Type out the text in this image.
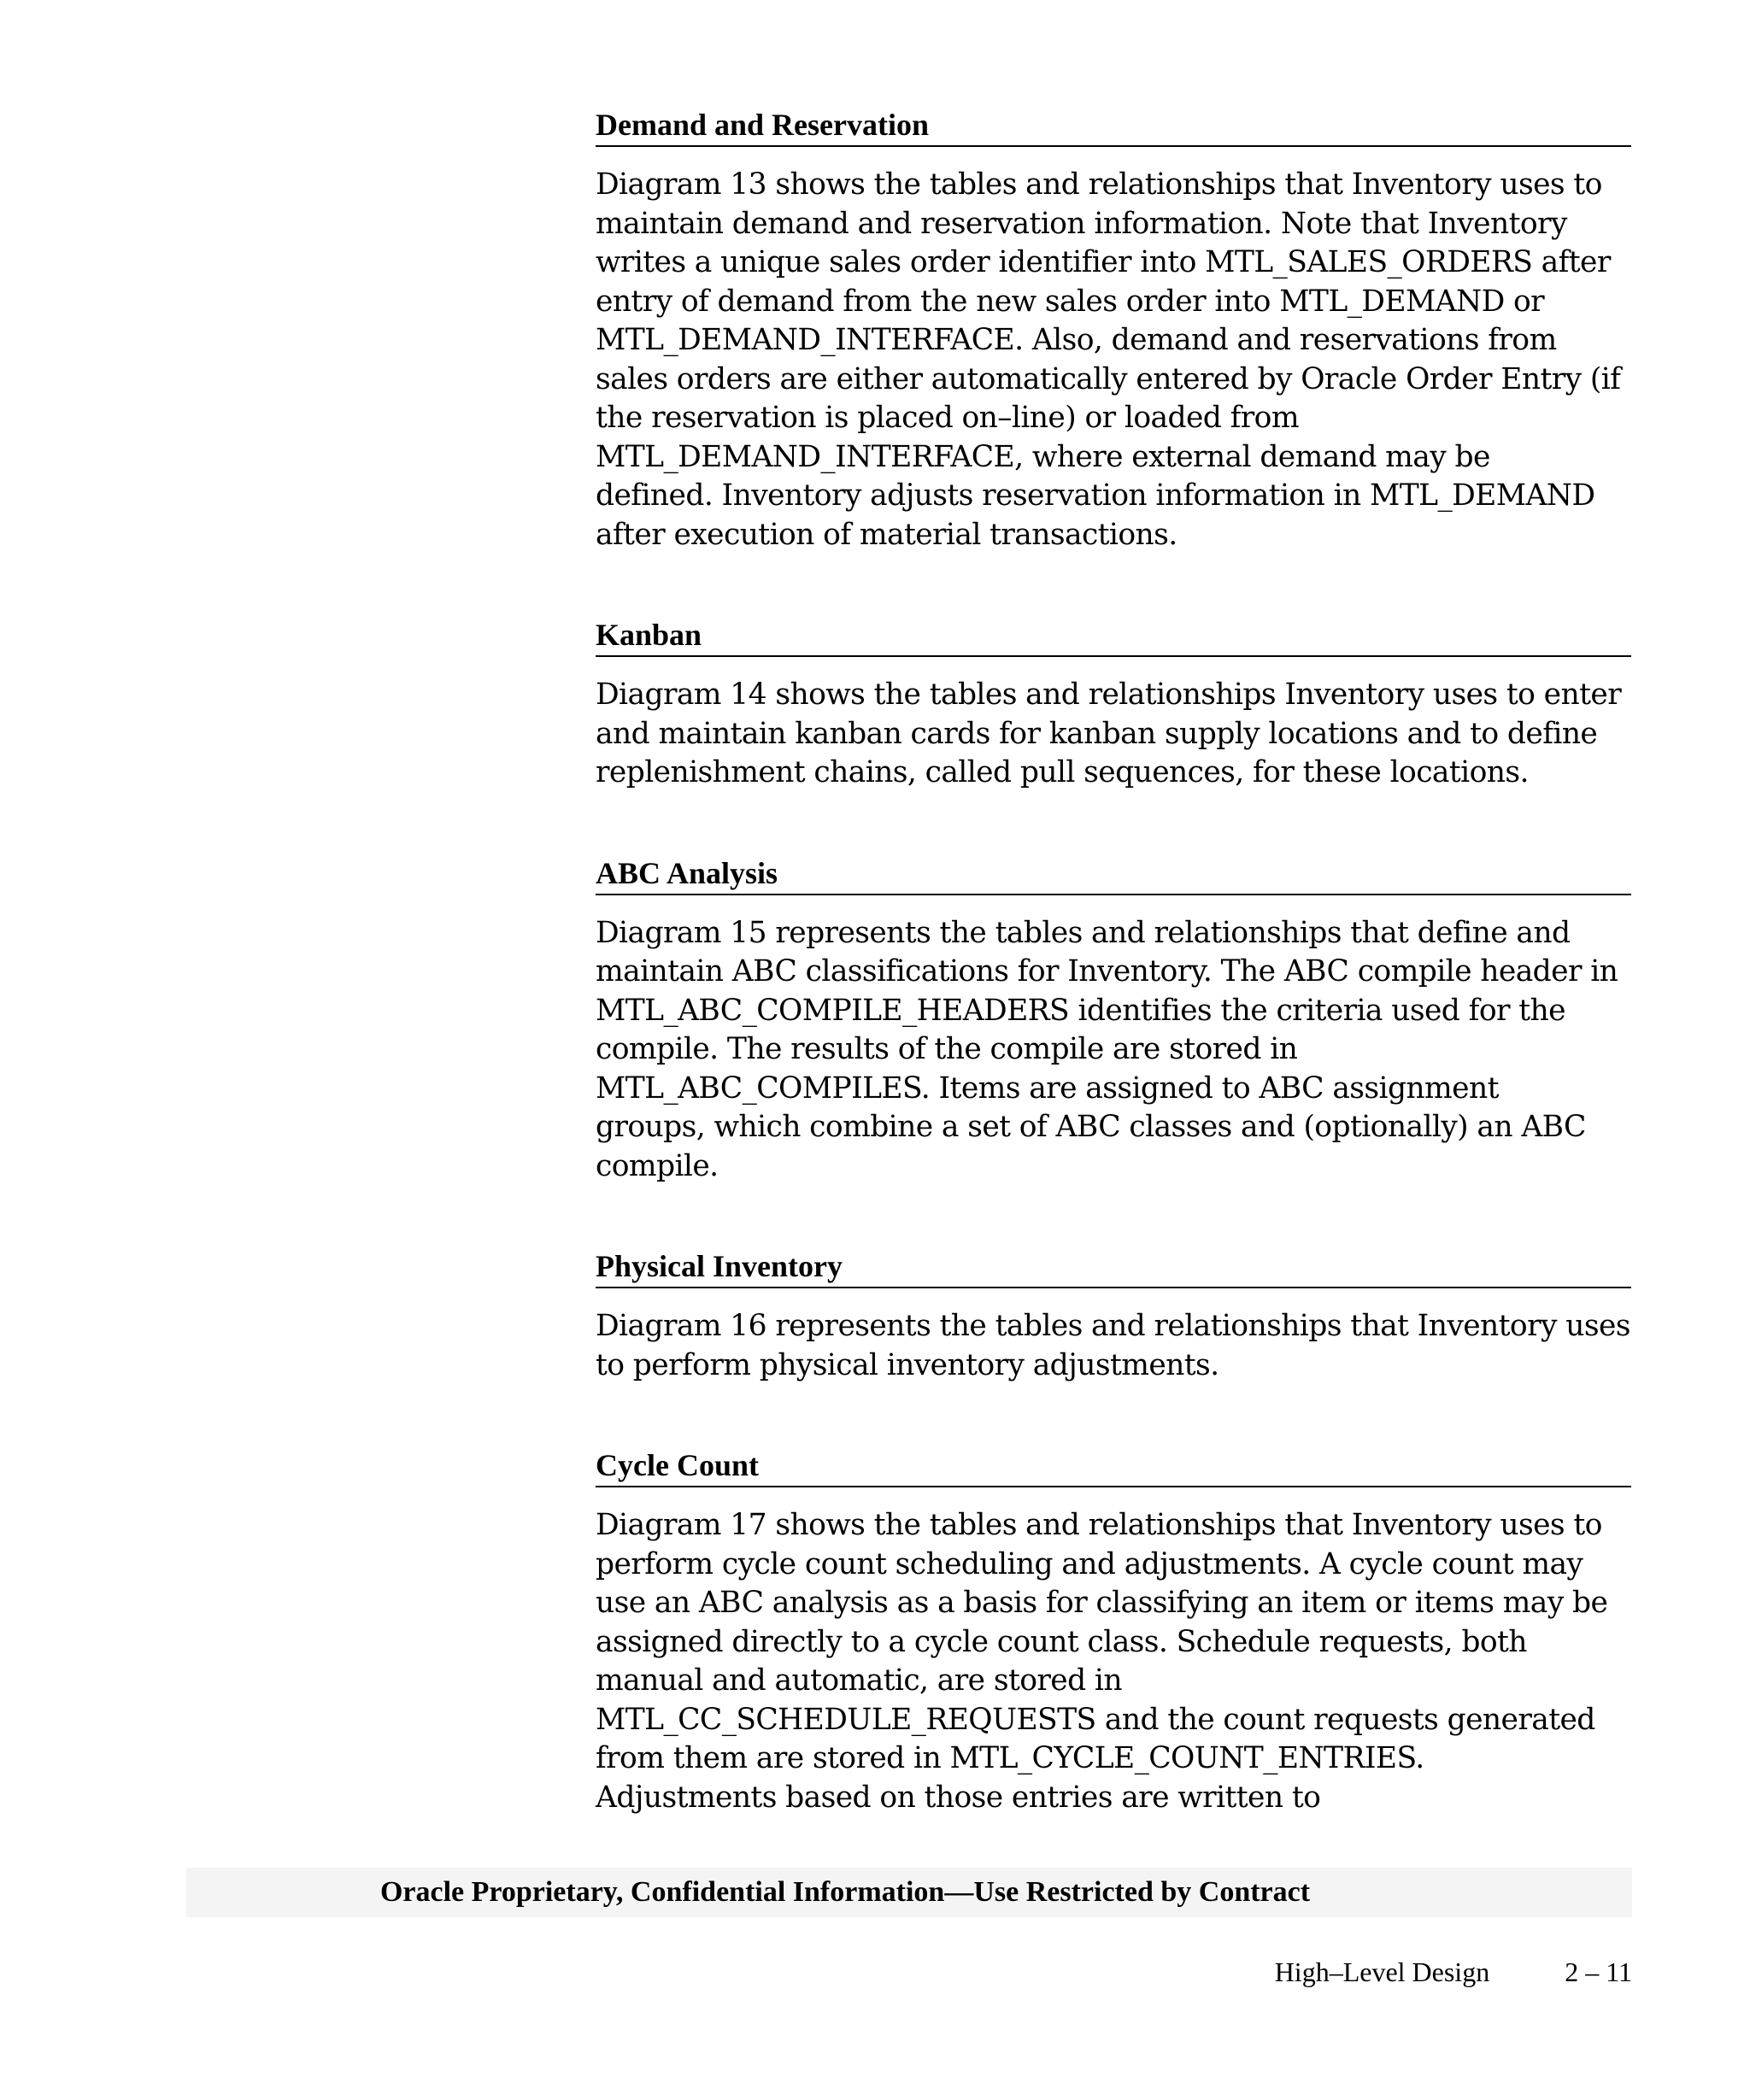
Demand and Reservation

Diagram 13 shows the tables and relationships that Inventory uses to
maintain demand and reservation information. Note that Inventory
writes a unique sales order identifier into MTL_SALES_ORDERS after
entry of demand from the new sales order into MTL_DEMAND or
MTL_DEMAND_INTERFACE. Also, demand and reservations from
sales orders are either automatically entered by Oracle Order Entry (if
the reservation is placed on–line) or loaded from
MTL_DEMAND_INTERFACE, where external demand may be
defined. Inventory adjusts reservation information in MTL_DEMAND
after execution of material transactions.

Kanban

Diagram 14 shows the tables and relationships Inventory uses to enter
and maintain kanban cards for kanban supply locations and to define
replenishment chains, called pull sequences, for these locations.

ABC Analysis

Diagram 15 represents the tables and relationships that define and
maintain ABC classifications for Inventory. The ABC compile header in
MTL_ABC_COMPILE_HEADERS identifies the criteria used for the
compile. The results of the compile are stored in
MTL_ABC_COMPILES. Items are assigned to ABC assignment
groups, which combine a set of ABC classes and (optionally) an ABC
compile.

Physical Inventory

Diagram 16 represents the tables and relationships that Inventory uses
to perform physical inventory adjustments.

Cycle Count

Diagram 17 shows the tables and relationships that Inventory uses to
perform cycle count scheduling and adjustments. A cycle count may
use an ABC analysis as a basis for classifying an item or items may be
assigned directly to a cycle count class. Schedule requests, both
manual and automatic, are stored in
MTL_CC_SCHEDULE_REQUESTS and the count requests generated
from them are stored in MTL_CYCLE_COUNT_ENTRIES.
Adjustments based on those entries are written to

Oracle Proprietary, Confidential Information––Use Restricted by Contract
High–Level Design	2 – 11
